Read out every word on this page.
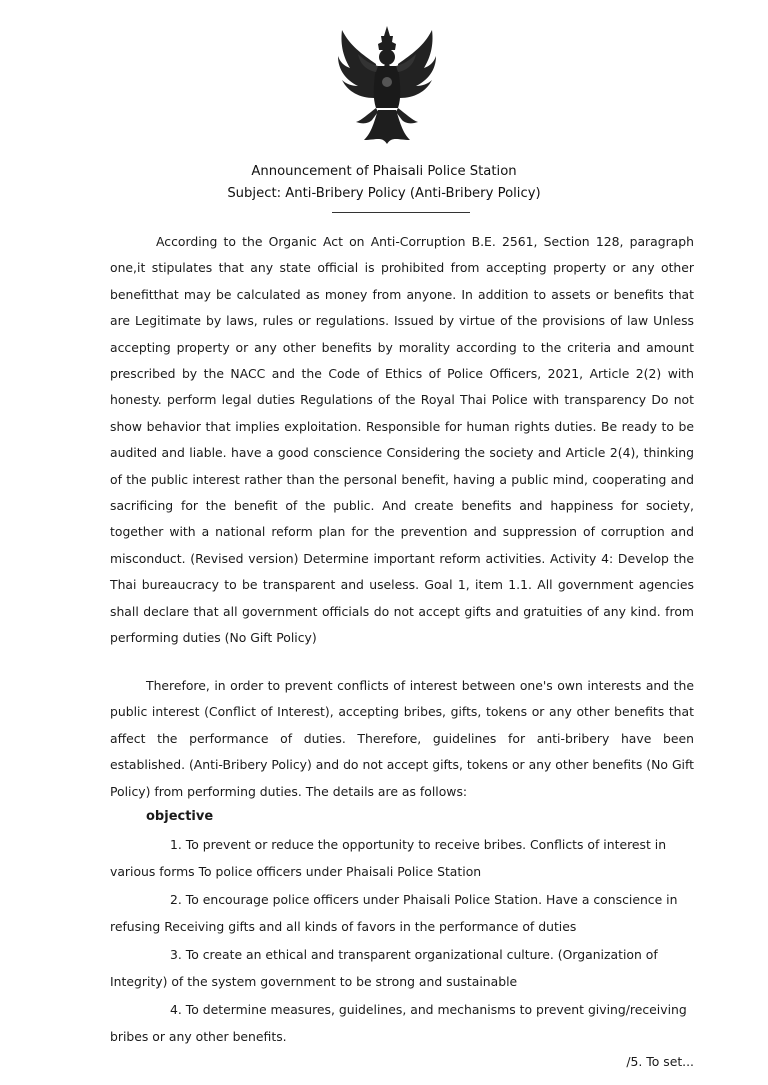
Announcement of Phaisali Police Station
Subject: Anti-Bribery Policy (Anti-Bribery Policy)
According to the Organic Act on Anti-Corruption B.E. 2561, Section 128, paragraph one,it stipulates that any state official is prohibited from accepting property or any other benefitthat may be calculated as money from anyone. In addition to assets or benefits that are Legitimate by laws, rules or regulations. Issued by virtue of the provisions of law Unless accepting property or any other benefits by morality according to the criteria and amount prescribed by the NACC and the Code of Ethics of Police Officers, 2021, Article 2(2) with honesty. perform legal duties Regulations of the Royal Thai Police with transparency Do not show behavior that implies exploitation. Responsible for human rights duties. Be ready to be audited and liable. have a good conscience Considering the society and Article 2(4), thinking of the public interest rather than the personal benefit, having a public mind, cooperating and sacrificing for the benefit of the public. And create benefits and happiness for society, together with a national reform plan for the prevention and suppression of corruption and misconduct. (Revised version) Determine important reform activities. Activity 4: Develop the Thai bureaucracy to be transparent and useless. Goal 1, item 1.1. All government agencies shall declare that all government officials do not accept gifts and gratuities of any kind. from performing duties (No Gift Policy)
Therefore, in order to prevent conflicts of interest between one's own interests and the public interest (Conflict of Interest), accepting bribes, gifts, tokens or any other benefits that affect the performance of duties. Therefore, guidelines for anti-bribery have been established. (Anti-Bribery Policy) and do not accept gifts, tokens or any other benefits (No Gift Policy) from performing duties. The details are as follows:
objective
1. To prevent or reduce the opportunity to receive bribes. Conflicts of interest in various forms To police officers under Phaisali Police Station
2. To encourage police officers under Phaisali Police Station. Have a conscience in refusing Receiving gifts and all kinds of favors in the performance of duties
3. To create an ethical and transparent organizational culture. (Organization of Integrity) of the system government to be strong and sustainable
4. To determine measures, guidelines, and mechanisms to prevent giving/receiving bribes or any other benefits.
/5. To set...
